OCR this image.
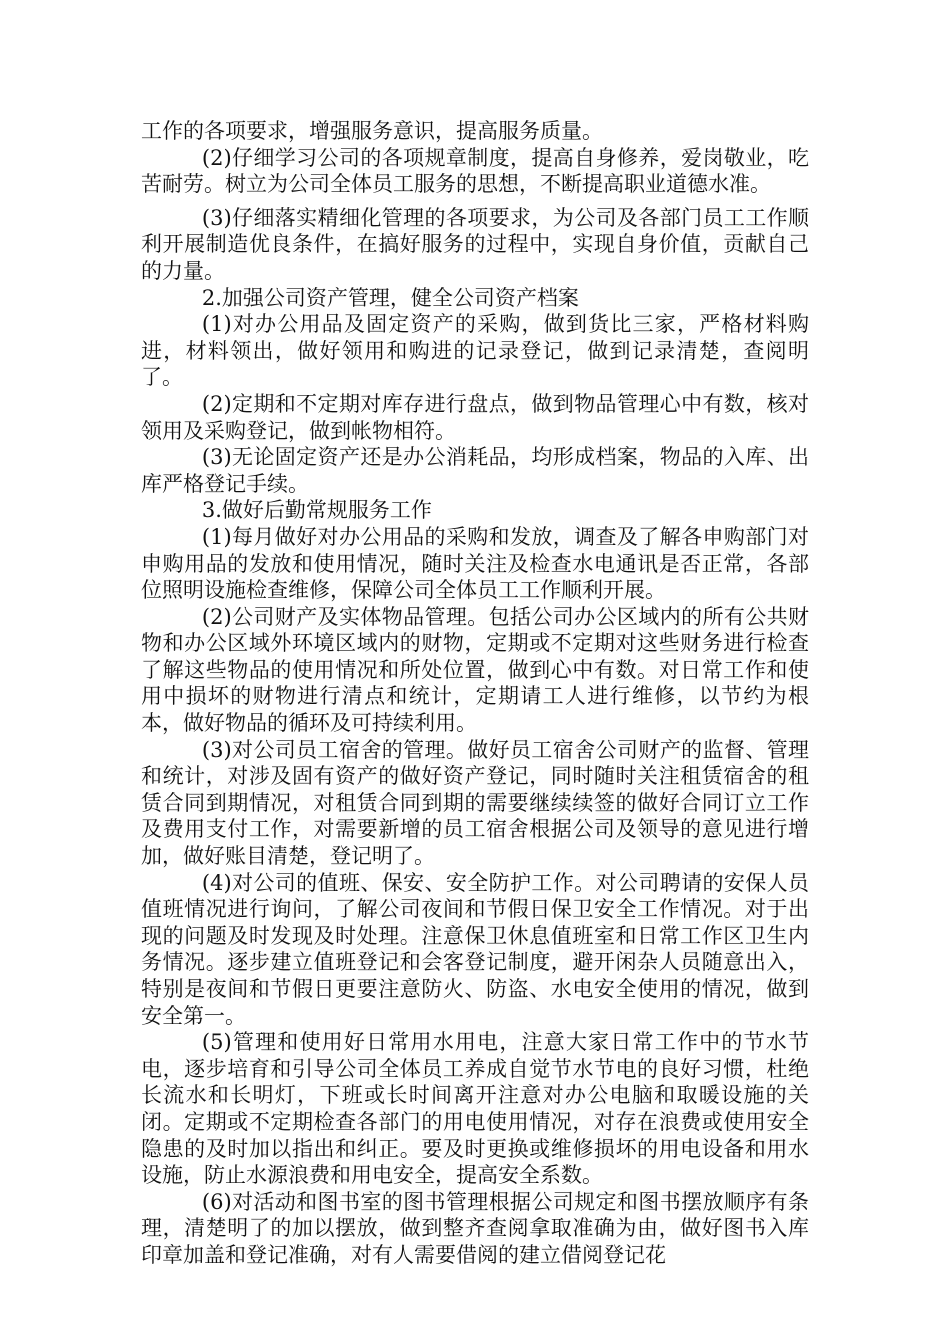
工作的各项要求，增强服务意识，提高服务质量。

(2)仔细学习公司的各项规章制度，提高自身修养，爱岗敬业，吃苦耐劳。树立为公司全体员工服务的思想，不断提高职业道德水准。

(3)仔细落实精细化管理的各项要求，为公司及各部门员工工作顺利开展制造优良条件，在搞好服务的过程中，实现自身价值，贡献自己的力量。

2.加强公司资产管理，健全公司资产档案

(1)对办公用品及固定资产的采购，做到货比三家，严格材料购进，材料领出，做好领用和购进的记录登记，做到记录清楚，查阅明了。

(2)定期和不定期对库存进行盘点，做到物品管理心中有数，核对领用及采购登记，做到帐物相符。

(3)无论固定资产还是办公消耗品，均形成档案，物品的入库、出库严格登记手续。

3.做好后勤常规服务工作

(1)每月做好对办公用品的采购和发放，调查及了解各申购部门对申购用品的发放和使用情况，随时关注及检查水电通讯是否正常，各部位照明设施检查维修，保障公司全体员工工作顺利开展。

(2)公司财产及实体物品管理。包括公司办公区域内的所有公共财物和办公区域外环境区域内的财物，定期或不定期对这些财务进行检查了解这些物品的使用情况和所处位置，做到心中有数。对日常工作和使用中损坏的财物进行清点和统计，定期请工人进行维修，以节约为根本，做好物品的循环及可持续利用。

(3)对公司员工宿舍的管理。做好员工宿舍公司财产的监督、管理和统计，对涉及固有资产的做好资产登记，同时随时关注租赁宿舍的租赁合同到期情况，对租赁合同到期的需要继续续签的做好合同订立工作及费用支付工作，对需要新增的员工宿舍根据公司及领导的意见进行增加，做好账目清楚，登记明了。

(4)对公司的值班、保安、安全防护工作。对公司聘请的安保人员值班情况进行询问，了解公司夜间和节假日保卫安全工作情况。对于出现的问题及时发现及时处理。注意保卫休息值班室和日常工作区卫生内务情况。逐步建立值班登记和会客登记制度，避开闲杂人员随意出入，特别是夜间和节假日更要注意防火、防盗、水电安全使用的情况，做到安全第一。

(5)管理和使用好日常用水用电，注意大家日常工作中的节水节电，逐步培育和引导公司全体员工养成自觉节水节电的良好习惯，杜绝长流水和长明灯，下班或长时间离开注意对办公电脑和取暖设施的关闭。定期或不定期检查各部门的用电使用情况，对存在浪费或使用安全隐患的及时加以指出和纠正。要及时更换或维修损坏的用电设备和用水设施，防止水源浪费和用电安全，提高安全系数。

(6)对活动和图书室的图书管理根据公司规定和图书摆放顺序有条理，清楚明了的加以摆放，做到整齐查阅拿取准确为由，做好图书入库印章加盖和登记准确，对有人需要借阅的建立借阅登记花
